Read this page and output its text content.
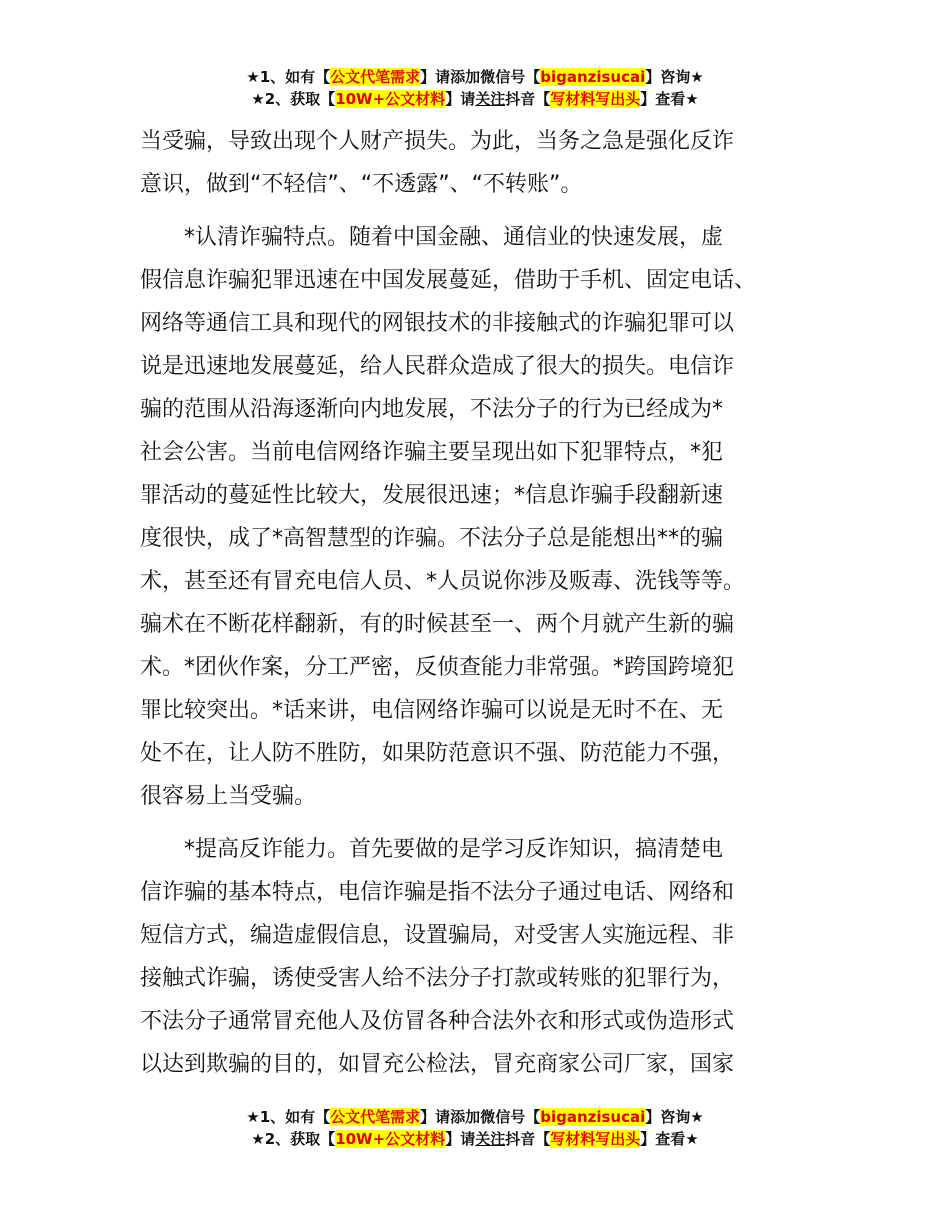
★1、如有【公文代笔需求】请添加微信号【biganzisucai】咨询★
★2、获取【10W+公文材料】请关注抖音【写材料写出头】查看★
当受骗，导致出现个人财产损失。为此，当务之急是强化反诈
意识，做到“不轻信”、“不透露”、“不转账”。
　　*认清诈骗特点。随着中国金融、通信业的快速发展，虚
假信息诈骗犯罪迅速在中国发展蔓延，借助于手机、固定电话、
网络等通信工具和现代的网银技术的非接触式的诈骗犯罪可以
说是迅速地发展蔓延，给人民群众造成了很大的损失。电信诈
骗的范围从沿海逐渐向内地发展，不法分子的行为已经成为*
社会公害。当前电信网络诈骗主要呈现出如下犯罪特点，*犯
罪活动的蔓延性比较大，发展很迅速；*信息诈骗手段翻新速
度很快，成了*高智慧型的诈骗。不法分子总是能想出**的骗
术，甚至还有冒充电信人员、*人员说你涉及贩毒、洗钱等等。
骗术在不断花样翻新，有的时候甚至一、两个月就产生新的骗
术。*团伙作案，分工严密，反侦查能力非常强。*跨国跨境犯
罪比较突出。*话来讲，电信网络诈骗可以说是无时不在、无
处不在，让人防不胜防，如果防范意识不强、防范能力不强，
很容易上当受骗。
　　*提高反诈能力。首先要做的是学习反诈知识，搞清楚电
信诈骗的基本特点，电信诈骗是指不法分子通过电话、网络和
短信方式，编造虚假信息，设置骗局，对受害人实施远程、非
接触式诈骗，诱使受害人给不法分子打款或转账的犯罪行为，
不法分子通常冒充他人及仿冒各种合法外衣和形式或伪造形式
以达到欺骗的目的，如冒充公检法，冒充商家公司厂家，国家
★1、如有【公文代笔需求】请添加微信号【biganzisucai】咨询★
★2、获取【10W+公文材料】请关注抖音【写材料写出头】查看★
